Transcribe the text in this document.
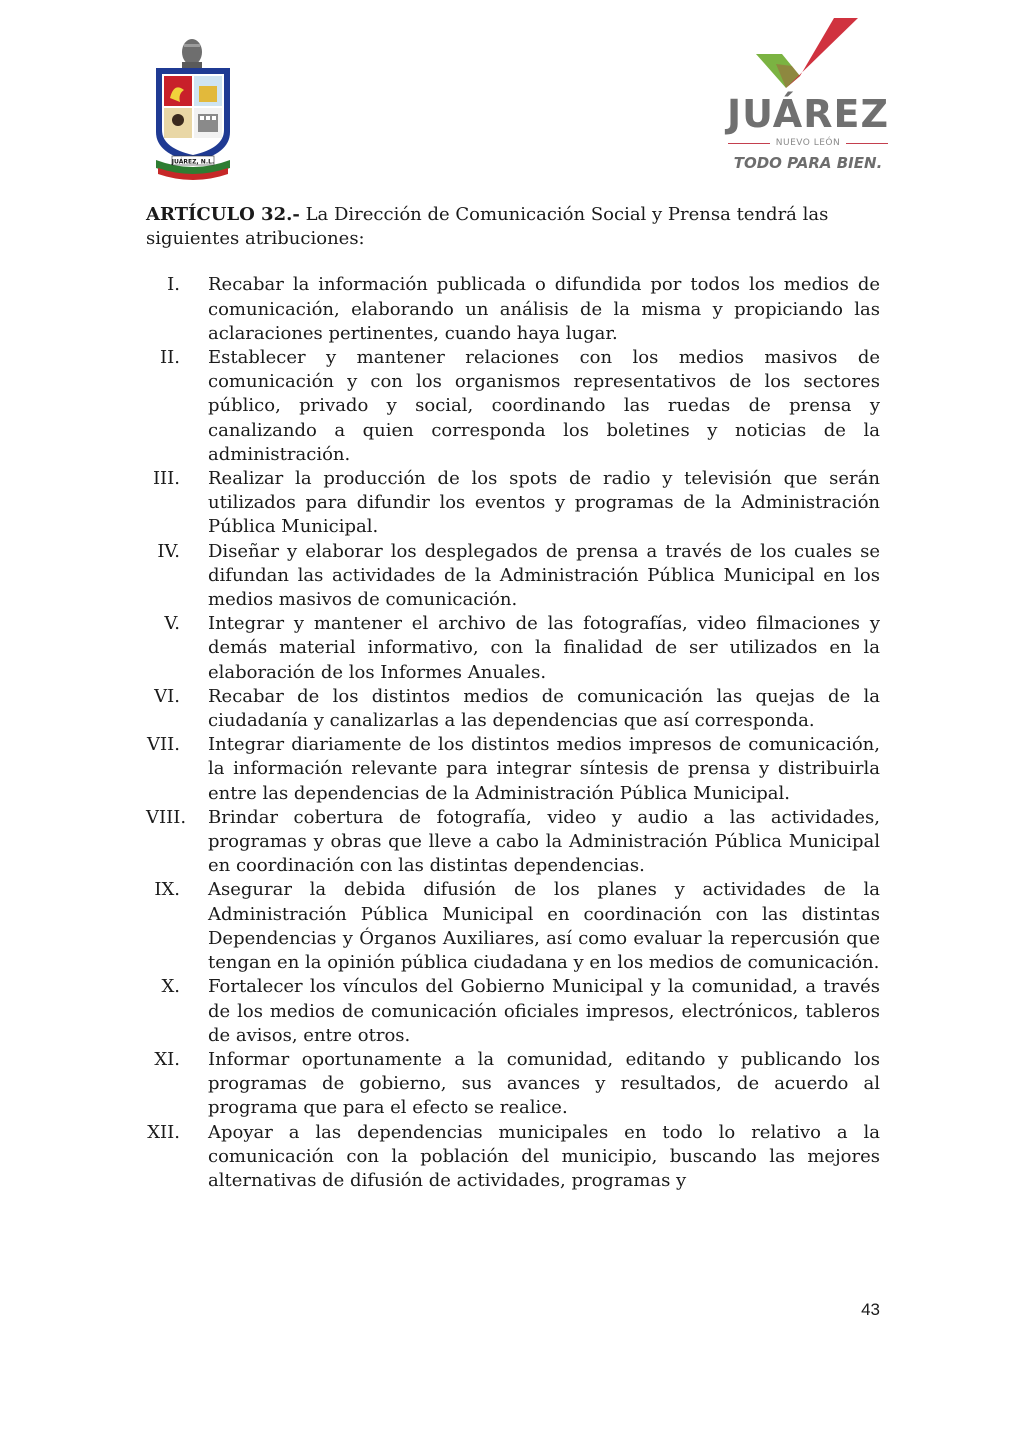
JUÁREZ, N.L.
JUÁREZ
NUEVO LEÓN
TODO PARA BIEN.

ARTÍCULO 32.- La Dirección de Comunicación Social y Prensa tendrá las siguientes atribuciones:

I. Recabar la información publicada o difundida por todos los medios de comunicación, elaborando un análisis de la misma y propiciando las aclaraciones pertinentes, cuando haya lugar.
II. Establecer y mantener relaciones con los medios masivos de comunicación y con los organismos representativos de los sectores público, privado y social, coordinando las ruedas de prensa y canalizando a quien corresponda los boletines y noticias de la administración.
III. Realizar la producción de los spots de radio y televisión que serán utilizados para difundir los eventos y programas de la Administración Pública Municipal.
IV. Diseñar y elaborar los desplegados de prensa a través de los cuales se difundan las actividades de la Administración Pública Municipal en los medios masivos de comunicación.
V. Integrar y mantener el archivo de las fotografías, video filmaciones y demás material informativo, con la finalidad de ser utilizados en la elaboración de los Informes Anuales.
VI. Recabar de los distintos medios de comunicación las quejas de la ciudadanía y canalizarlas a las dependencias que así corresponda.
VII. Integrar diariamente de los distintos medios impresos de comunicación, la información relevante para integrar síntesis de prensa y distribuirla entre las dependencias de la Administración Pública Municipal.
VIII. Brindar cobertura de fotografía, video y audio a las actividades, programas y obras que lleve a cabo la Administración Pública Municipal en coordinación con las distintas dependencias.
IX. Asegurar la debida difusión de los planes y actividades de la Administración Pública Municipal en coordinación con las distintas Dependencias y Órganos Auxiliares, así como evaluar la repercusión que tengan en la opinión pública ciudadana y en los medios de comunicación.
X. Fortalecer los vínculos del Gobierno Municipal y la comunidad, a través de los medios de comunicación oficiales impresos, electrónicos, tableros de avisos, entre otros.
XI. Informar oportunamente a la comunidad, editando y publicando los programas de gobierno, sus avances y resultados, de acuerdo al programa que para el efecto se realice.
XII. Apoyar a las dependencias municipales en todo lo relativo a la comunicación con la población del municipio, buscando las mejores alternativas de difusión de actividades, programas y
43
